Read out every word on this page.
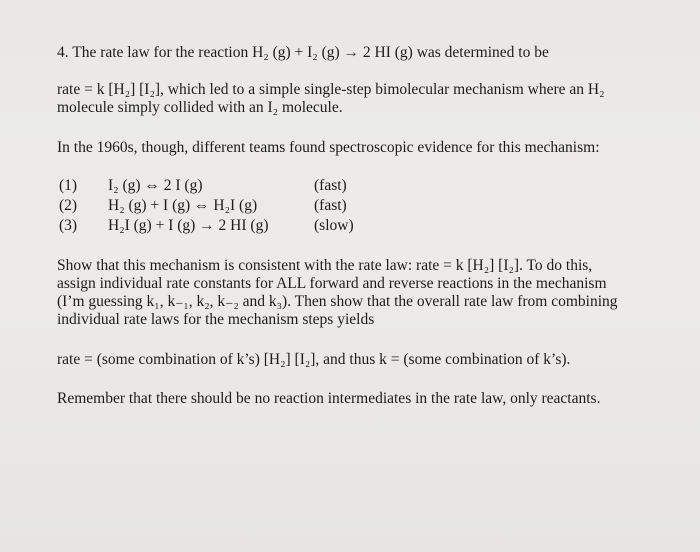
4. The rate law for the reaction H₂ (g) + I₂ (g) → 2 HI (g) was determined to be
rate = k [H₂] [I₂], which led to a simple single-step bimolecular mechanism where an H₂
molecule simply collided with an I₂ molecule.
In the 1960s, though, different teams found spectroscopic evidence for this mechanism:
(1) I₂ (g) ⇔ 2 I (g)	(fast)
(2) H₂ (g) + I (g) ⇔ H₂I (g)	(fast)
(3) H₂I (g) + I (g) → 2 HI (g)	(slow)
Show that this mechanism is consistent with the rate law: rate = k [H₂] [I₂]. To do this,
assign individual rate constants for ALL forward and reverse reactions in the mechanism
(I’m guessing k₁, k₋₁, k₂, k₋₂ and k₃). Then show that the overall rate law from combining
individual rate laws for the mechanism steps yields
rate = (some combination of k’s) [H₂] [I₂], and thus k = (some combination of k’s).
Remember that there should be no reaction intermediates in the rate law, only reactants.
